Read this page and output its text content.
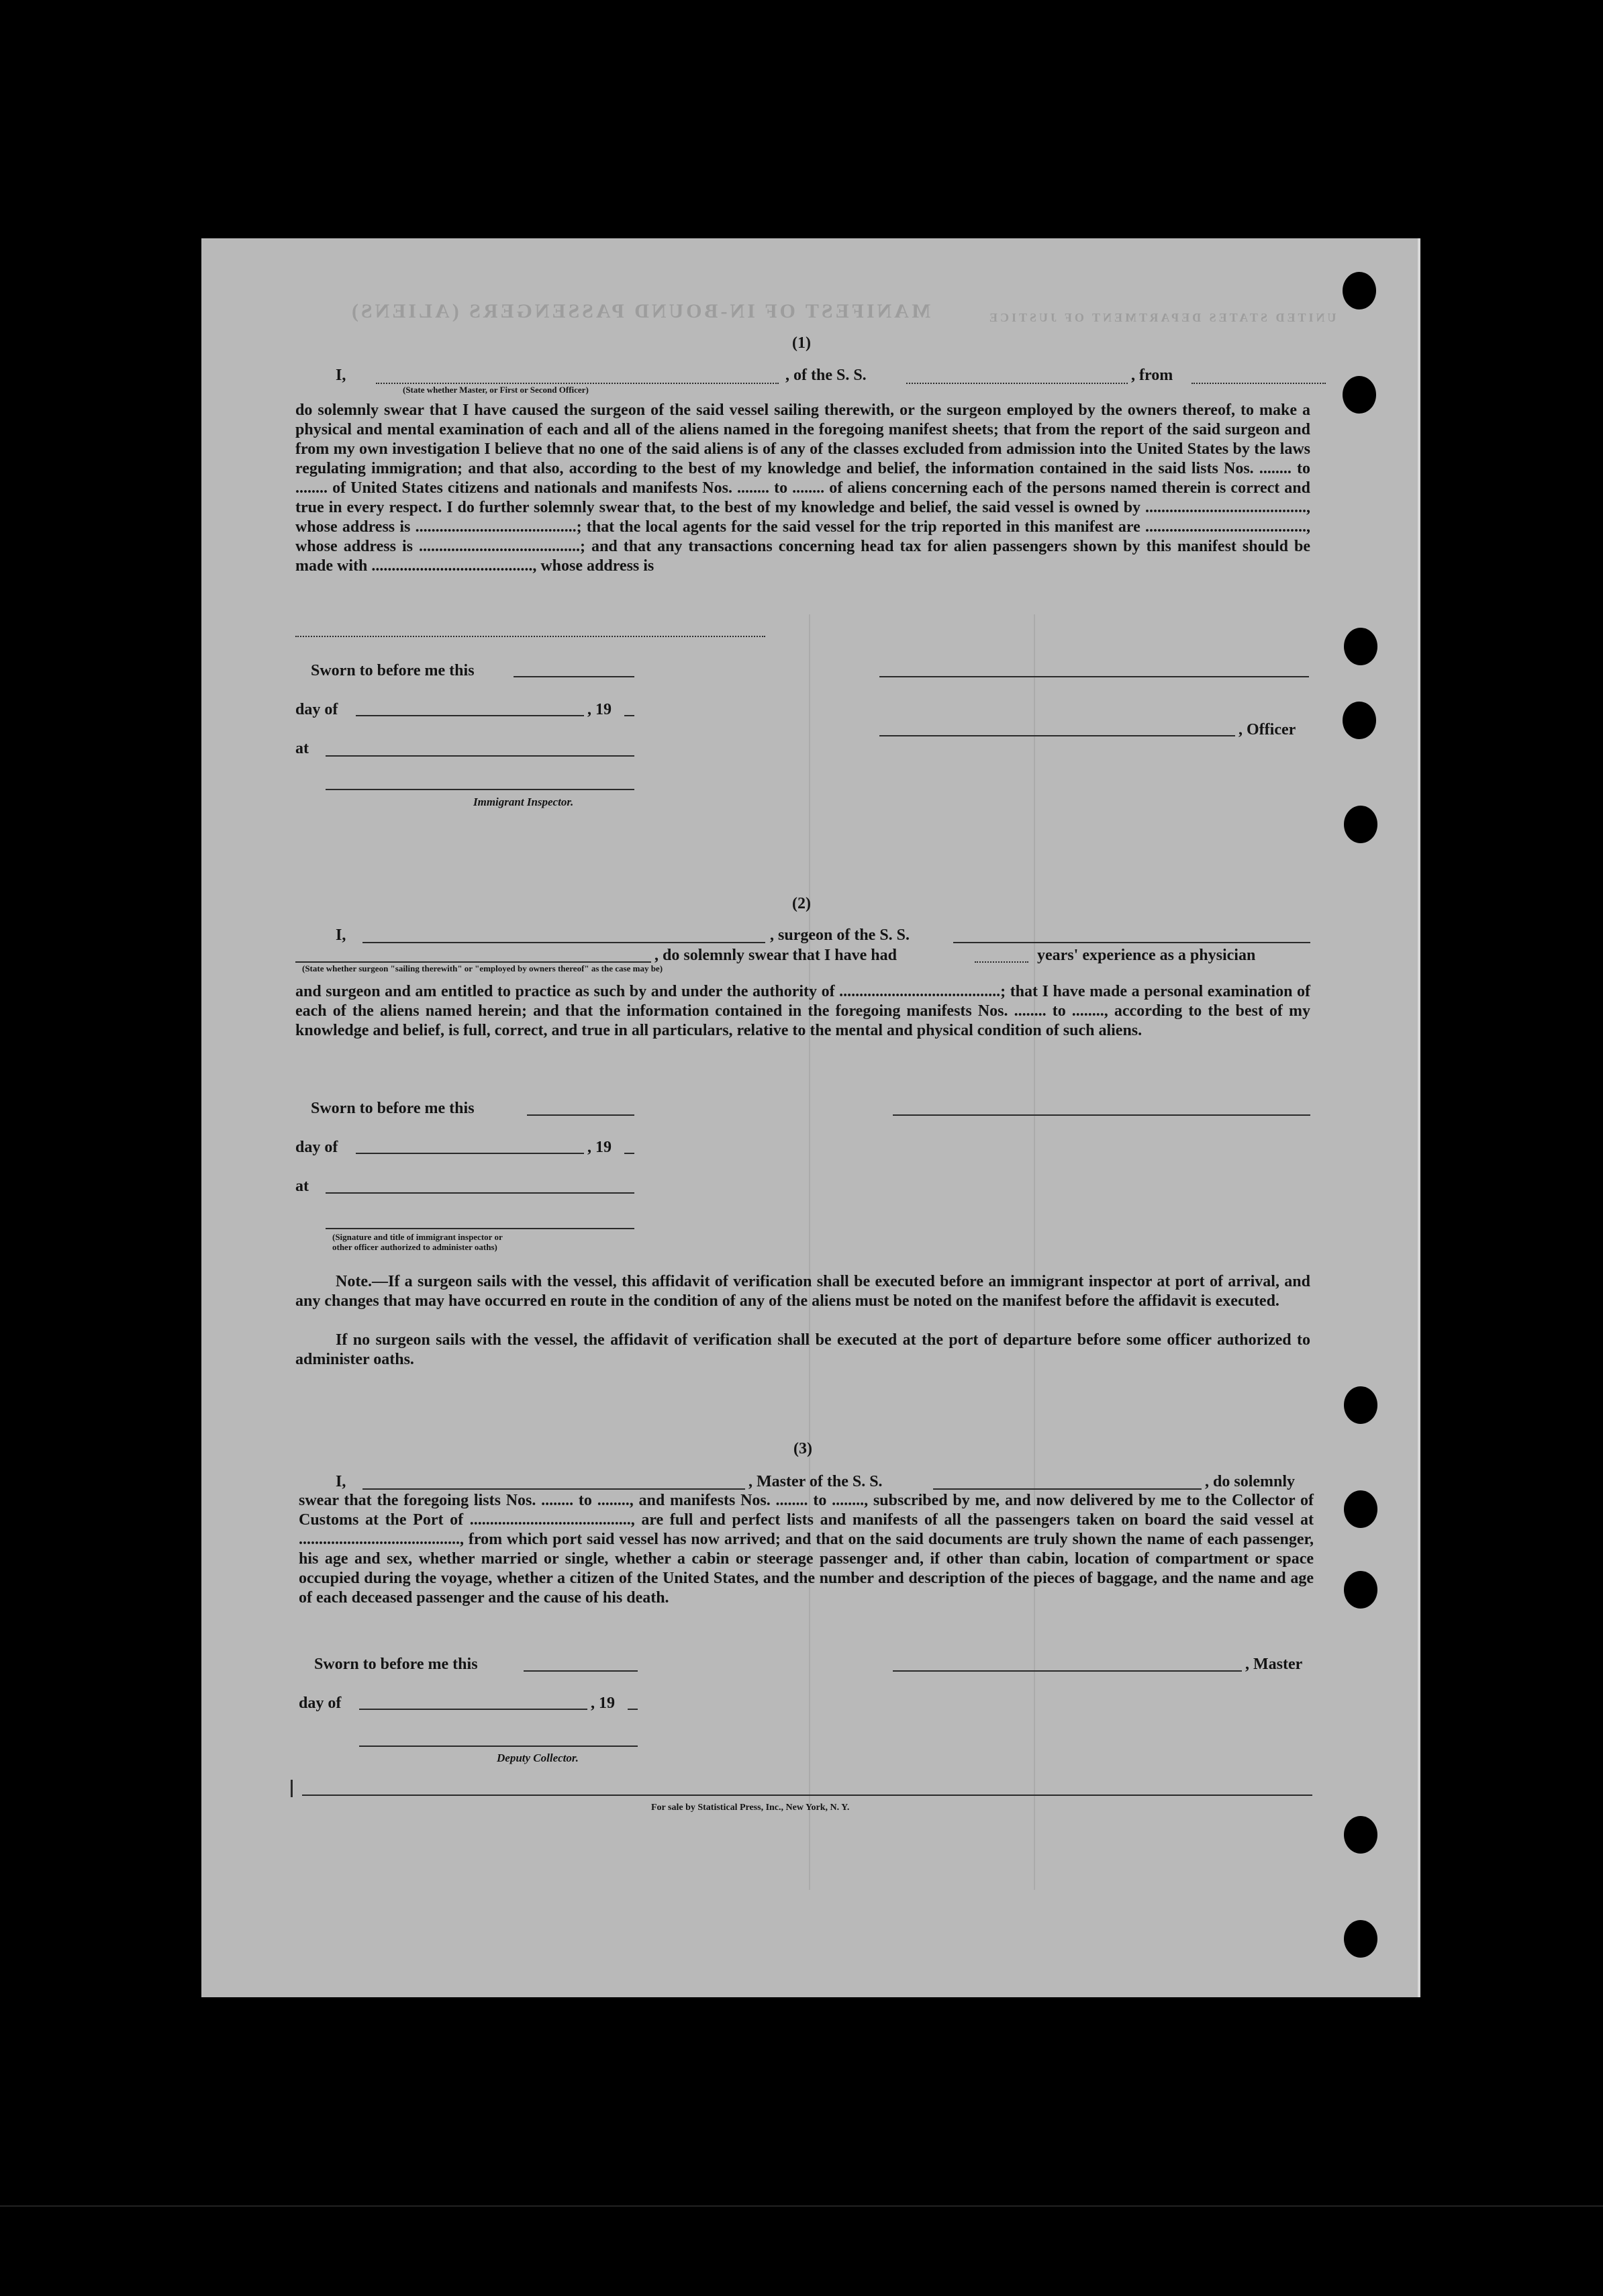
MANIFEST OF IN-BOUND PASSENGERS (ALIENS)	UNITED STATES DEPARTMENT OF JUSTICE
(1)
I,	, of the S. S.	, from
(State whether Master, or First or Second Officer)
do solemnly swear that I have caused the surgeon of the said vessel sailing therewith, or the surgeon employed by the owners thereof, to make a physical and mental examination of each and all of the aliens named in the foregoing manifest sheets; that from the report of the said surgeon and from my own investigation I believe that no one of the said aliens is of any of the classes excluded from admission into the United States by the laws regulating immigration; and that also, according to the best of my knowledge and belief, the information contained in the said lists Nos. ........ to ........ of United States citizens and nationals and manifests Nos. ........ to ........ of aliens concerning each of the persons named therein is correct and true in every respect. I do further solemnly swear that, to the best of my knowledge and belief, the said vessel is owned by ........................................, whose address is ........................................; that the local agents for the said vessel for the trip reported in this manifest are ........................................, whose address is ........................................; and that any transactions concerning head tax for alien passengers shown by this manifest should be made with ........................................, whose address is
Sworn to before me this
day of	, 19
, Officer
at
Immigrant Inspector.
(2)
I,	, surgeon of the S. S.
, do solemnly swear that I have had	years' experience as a physician
(State whether surgeon "sailing therewith" or "employed by owners thereof" as the case may be)
and surgeon and am entitled to practice as such by and under the authority of ........................................; that I have made a personal examination of each of the aliens named herein; and that the information contained in the foregoing manifests Nos. ........ to ........, according to the best of my knowledge and belief, is full, correct, and true in all particulars, relative to the mental and physical condition of such aliens.
Sworn to before me this
day of	, 19
at
(Signature and title of immigrant inspector or
other officer authorized to administer oaths)
Note.—If a surgeon sails with the vessel, this affidavit of verification shall be executed before an immigrant inspector at port of arrival, and any changes that may have occurred en route in the condition of any of the aliens must be noted on the manifest before the affidavit is executed.
If no surgeon sails with the vessel, the affidavit of verification shall be executed at the port of departure before some officer authorized to administer oaths.
(3)
I,	, Master of the S. S.	, do solemnly
swear that the foregoing lists Nos. ........ to ........, and manifests Nos. ........ to ........, subscribed by me, and now delivered by me to the Collector of Customs at the Port of ........................................, are full and perfect lists and manifests of all the passengers taken on board the said vessel at ........................................, from which port said vessel has now arrived; and that on the said documents are truly shown the name of each passenger, his age and sex, whether married or single, whether a cabin or steerage passenger and, if other than cabin, location of compartment or space occupied during the voyage, whether a citizen of the United States, and the number and description of the pieces of baggage, and the name and age of each deceased passenger and the cause of his death.
Sworn to before me this	, Master
day of	, 19
Deputy Collector.
For sale by Statistical Press, Inc., New York, N. Y.
